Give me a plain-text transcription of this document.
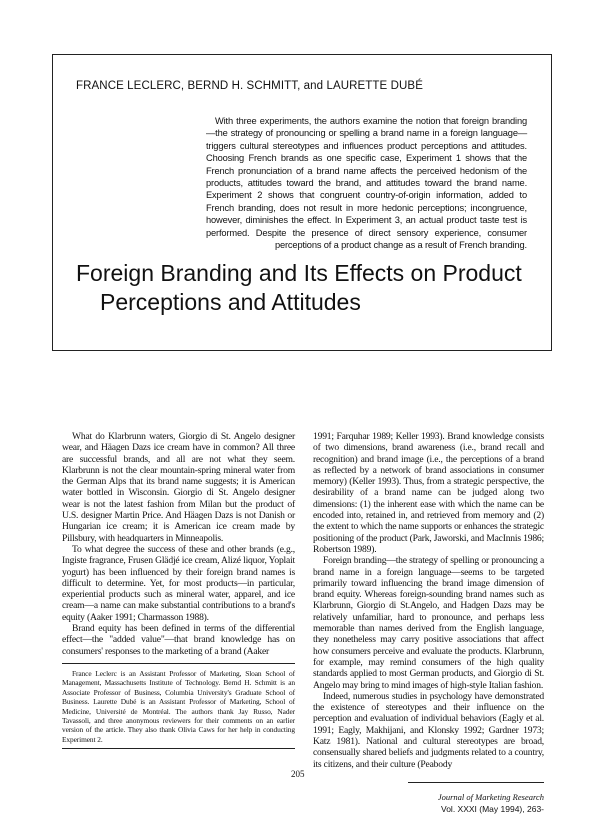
FRANCE LECLERC, BERND H. SCHMITT, and LAURETTE DUBÉ
With three experiments, the authors examine the notion that foreign branding—the strategy of pronouncing or spelling a brand name in a foreign language—triggers cultural stereotypes and influences product perceptions and attitudes. Choosing French brands as one specific case, Experiment 1 shows that the French pronunciation of a brand name affects the perceived hedonism of the products, attitudes toward the brand, and attitudes toward the brand name. Experiment 2 shows that congruent country-of-origin information, added to French branding, does not result in more hedonic perceptions; incongruence, however, diminishes the effect. In Experiment 3, an actual product taste test is performed. Despite the presence of direct sensory experience, consumer perceptions of a product change as a result of French branding.
Foreign Branding and Its Effects on Product
Perceptions and Attitudes

What do Klarbrunn waters, Giorgio di St. Angelo designer wear, and Häagen Dazs ice cream have in common? All three are successful brands, and all are not what they seem. Klarbrunn is not the clear mountain-spring mineral water from the German Alps that its brand name suggests; it is American water bottled in Wisconsin. Giorgio di St. Angelo designer wear is not the latest fashion from Milan but the product of U.S. designer Martin Price. And Häagen Dazs is not Danish or Hungarian ice cream; it is American ice cream made by Pillsbury, with headquarters in Minneapolis.

To what degree the success of these and other brands (e.g., Ingiste fragrance, Frusen Glädjé ice cream, Alizé liquor, Yoplait yogurt) has been influenced by their foreign brand names is difficult to determine. Yet, for most products—in particular, experiential products such as mineral water, apparel, and ice cream—a name can make substantial contributions to a brand's equity (Aaker 1991; Charmasson 1988).

Brand equity has been defined in terms of the differential effect—the "added value"—that brand knowledge has on consumers' responses to the marketing of a brand (Aaker

France Leclerc is an Assistant Professor of Marketing, Sloan School of Management, Massachusetts Institute of Technology. Bernd H. Schmitt is an Associate Professor of Business, Columbia University's Graduate School of Business. Laurette Dubé is an Assistant Professor of Marketing, School of Medicine, Université de Montréal. The authors thank Jay Russo, Nader Tavassoli, and three anonymous reviewers for their comments on an earlier version of the article. They also thank Olivia Caws for her help in conducting Experiment 2.
205

1991; Farquhar 1989; Keller 1993). Brand knowledge consists of two dimensions, brand awareness (i.e., brand recall and recognition) and brand image (i.e., the perceptions of a brand as reflected by a network of brand associations in consumer memory) (Keller 1993). Thus, from a strategic perspective, the desirability of a brand name can be judged along two dimensions: (1) the inherent ease with which the name can be encoded into, retained in, and retrieved from memory and (2) the extent to which the name supports or enhances the strategic positioning of the product (Park, Jaworski, and MacInnis 1986; Robertson 1989).

Foreign branding—the strategy of spelling or pronouncing a brand name in a foreign language—seems to be targeted primarily toward influencing the brand image dimension of brand equity. Whereas foreign-sounding brand names such as Klarbrunn, Giorgio di St.Angelo, and Hadgen Dazs may be relatively unfamiliar, hard to pronounce, and perhaps less memorable than names derived from the English language, they nonetheless may carry positive associations that affect how consumers perceive and evaluate the products. Klarbrunn, for example, may remind consumers of the high quality standards applied to most German products, and Giorgio di St. Angelo may bring to mind images of high-style Italian fashion.

Indeed, numerous studies in psychology have demonstrated the existence of stereotypes and their influence on the perception and evaluation of individual behaviors (Eagly et al. 1991; Eagly, Makhijani, and Klonsky 1992; Gardner 1973; Katz 1981). National and cultural stereotypes are broad, consensually shared beliefs and judgments related to a country, its citizens, and their culture (Peabody

Journal of Marketing Research
Vol. XXXI (May 1994), 263-
